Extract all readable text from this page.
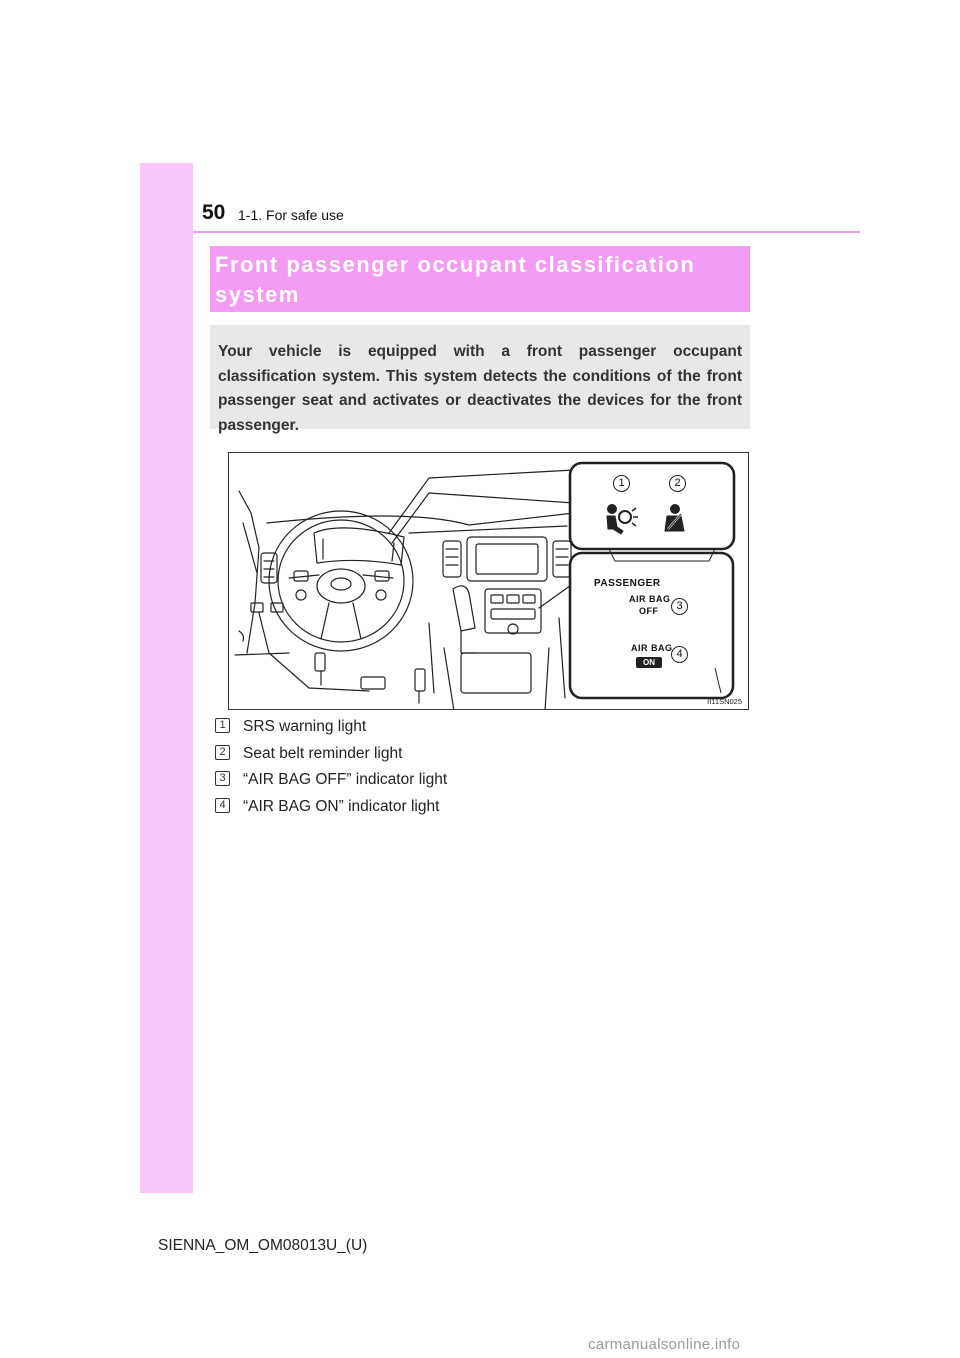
50 1-1. For safe use
Front passenger occupant classification system

Your vehicle is equipped with a front passenger occupant classification system. This system detects the conditions of the front passenger seat and activates or deactivates the devices for the front passenger.

1	2
3
4
PASSENGER
AIR BAG
OFF
AIR BAG
ON
II11SN025
1 SRS warning light
2 Seat belt reminder light
3 “AIR BAG OFF” indicator light
4 “AIR BAG ON” indicator light
SIENNA_OM_OM08013U_(U)
carmanualsonline.info
